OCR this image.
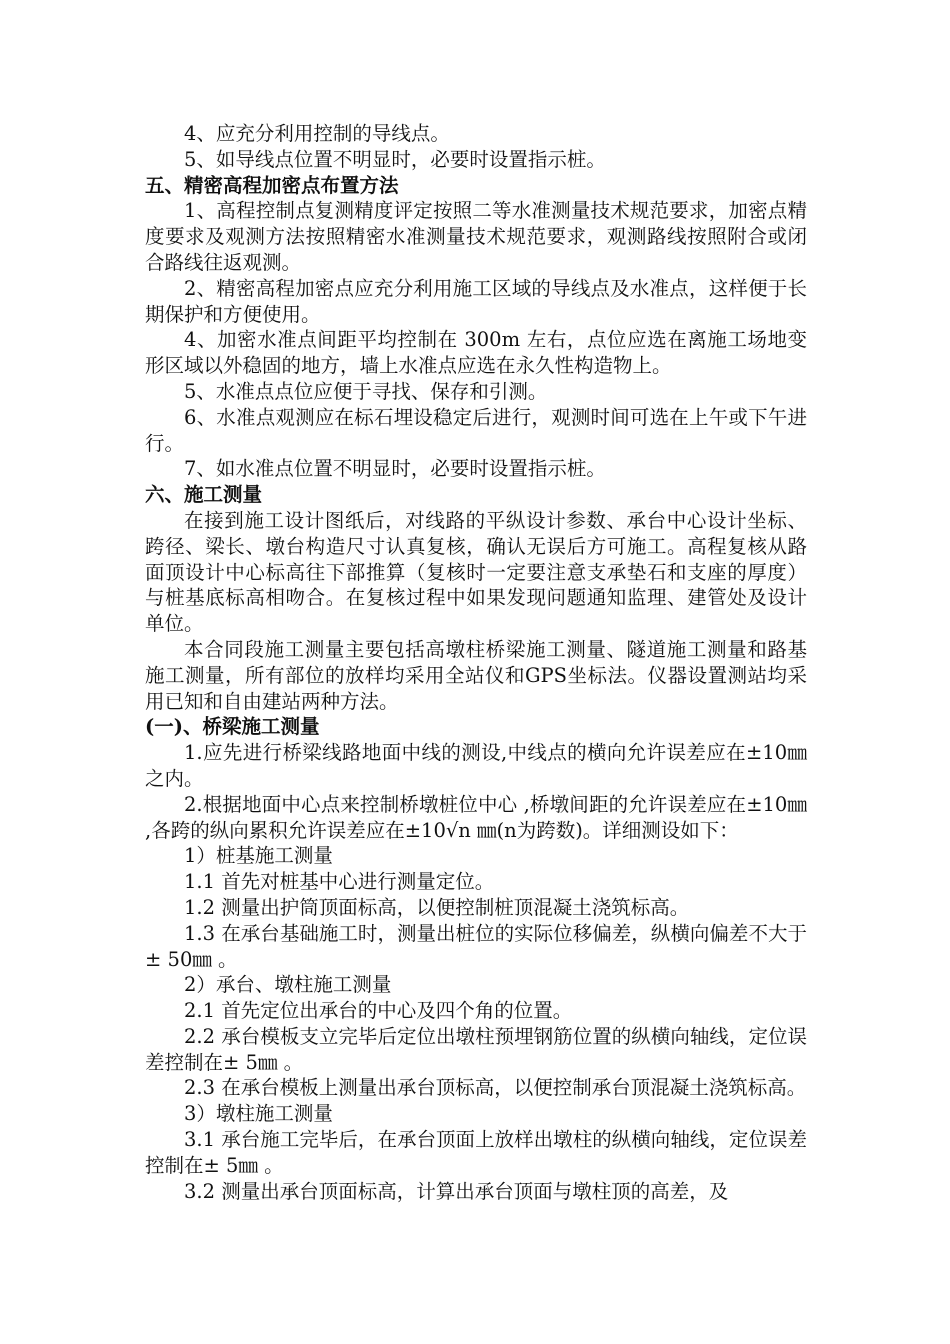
4、应充分利用控制的导线点。

5、如导线点位置不明显时，必要时设置指示桩。

五、精密高程加密点布置方法

1、高程控制点复测精度评定按照二等水准测量技术规范要求，加密点精度要求及观测方法按照精密水准测量技术规范要求，观测路线按照附合或闭合路线往返观测。

2、精密高程加密点应充分利用施工区域的导线点及水准点，这样便于长期保护和方便使用。

4、加密水准点间距平均控制在 300m 左右，点位应选在离施工场地变形区域以外稳固的地方，墙上水准点应选在永久性构造物上。

5、水准点点位应便于寻找、保存和引测。

6、水准点观测应在标石埋设稳定后进行，观测时间可选在上午或下午进行。

7、如水准点位置不明显时，必要时设置指示桩。

六、施工测量

在接到施工设计图纸后，对线路的平纵设计参数、承台中心设计坐标、跨径、梁长、墩台构造尺寸认真复核，确认无误后方可施工。高程复核从路面顶设计中心标高往下部推算（复核时一定要注意支承垫石和支座的厚度）与桩基底标高相吻合。在复核过程中如果发现问题通知监理、建管处及设计单位。

本合同段施工测量主要包括高墩柱桥梁施工测量、隧道施工测量和路基施工测量，所有部位的放样均采用全站仪和GPS坐标法。仪器设置测站均采用已知和自由建站两种方法。

(一)、桥梁施工测量

1.应先进行桥梁线路地面中线的测设,中线点的横向允许误差应在±10㎜之内。

2.根据地面中心点来控制桥墩桩位中心 ,桥墩间距的允许误差应在±10㎜ ,各跨的纵向累积允许误差应在±10√n ㎜(n为跨数)。详细测设如下：

1）桩基施工测量

1.1 首先对桩基中心进行测量定位。

1.2 测量出护筒顶面标高，以便控制桩顶混凝土浇筑标高。

1.3 在承台基础施工时，测量出桩位的实际位移偏差，纵横向偏差不大于± 50㎜ 。

2）承台、墩柱施工测量

2.1 首先定位出承台的中心及四个角的位置。

2.2 承台模板支立完毕后定位出墩柱预埋钢筋位置的纵横向轴线，定位误差控制在± 5㎜ 。

2.3 在承台模板上测量出承台顶标高，以便控制承台顶混凝土浇筑标高。

3）墩柱施工测量

3.1 承台施工完毕后，在承台顶面上放样出墩柱的纵横向轴线，定位误差控制在± 5㎜ 。

3.2 测量出承台顶面标高，计算出承台顶面与墩柱顶的高差，及
